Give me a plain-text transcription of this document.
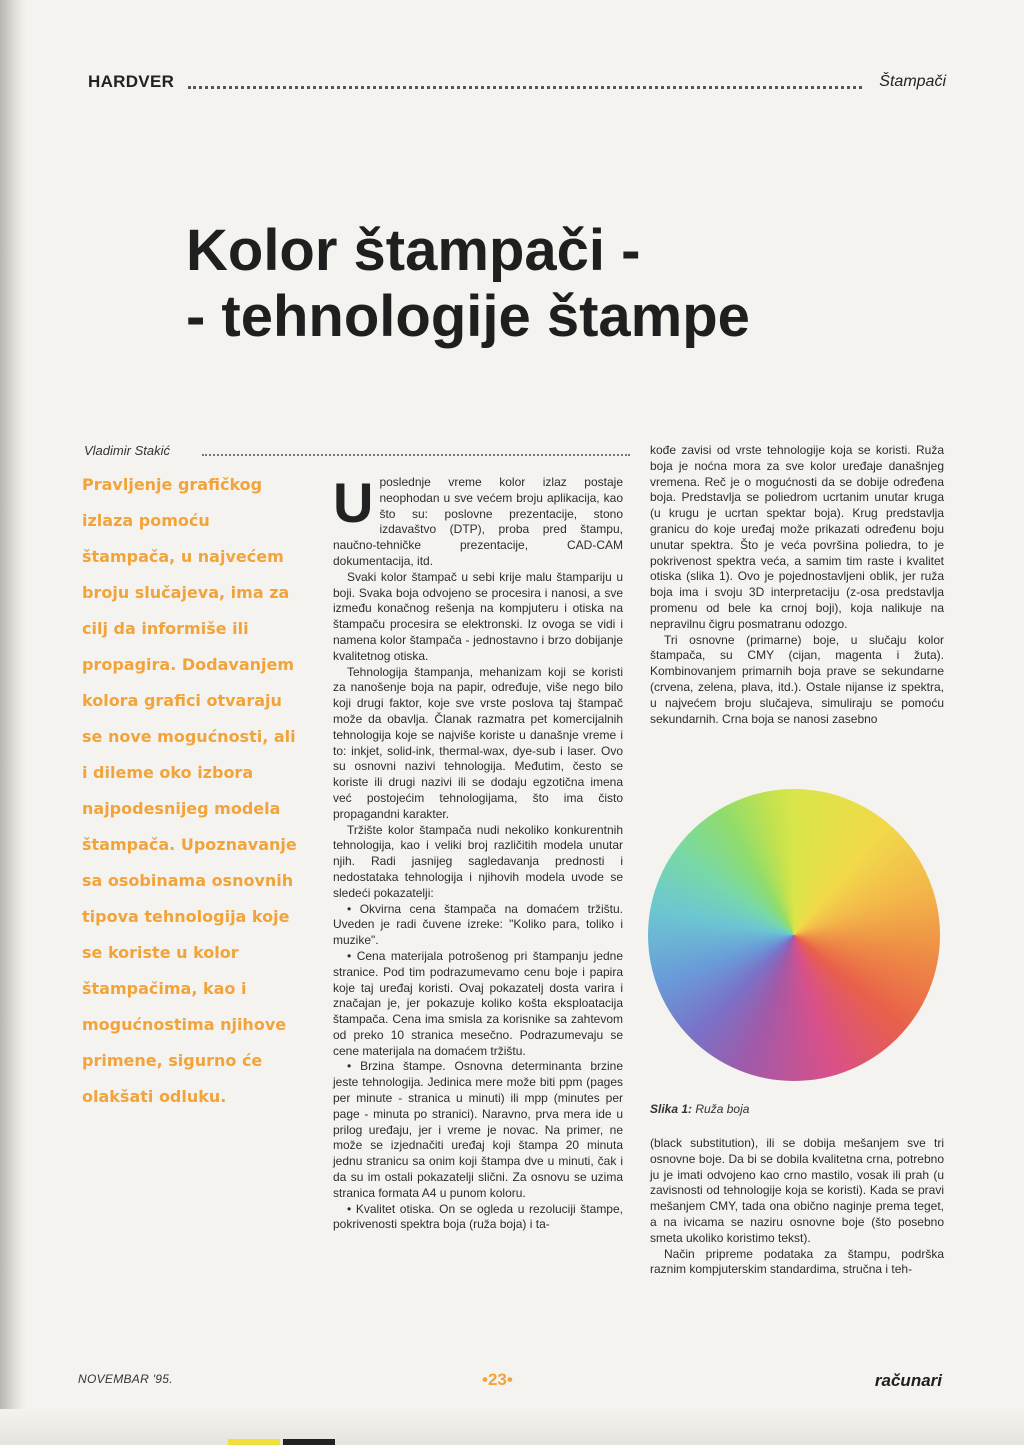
HARDVER	Štampači
Kolor štampači -
- tehnologije štampe
Vladimir Stakić

Pravljenje grafičkog izlaza pomoću štampača, u najvećem broju slučajeva, ima za cilj da informiše ili propagira. Dodavanjem kolora grafici otvaraju se nove mogućnosti, ali i dileme oko izbora najpodesnijeg modela štampača. Upoznavanje sa osobinama osnovnih tipova tehnologija koje se koriste u kolor štampačima, kao i mogućnostima njihove primene, sigurno će olakšati odluku.

Uposlednje vreme kolor izlaz postaje neophodan u sve većem broju aplikacija, kao što su: poslovne prezentacije, stono izdavaštvo (DTP), proba pred štampu, naučno-tehničke prezentacije, CAD-CAM dokumentacija, itd.

Svaki kolor štampač u sebi krije malu štampariju u boji. Svaka boja odvojeno se procesira i nanosi, a sve između konačnog rešenja na kompjuteru i otiska na štampaču procesira se elektronski. Iz ovoga se vidi i namena kolor štampača - jednostavno i brzo dobijanje kvalitetnog otiska.

Tehnologija štampanja, mehanizam koji se koristi za nanošenje boja na papir, određuje, više nego bilo koji drugi faktor, koje sve vrste poslova taj štampač može da obavlja. Članak razmatra pet komercijalnih tehnologija koje se najviše koriste u današnje vreme i to: inkjet, solid-ink, thermal-wax, dye-sub i laser. Ovo su osnovni nazivi tehnologija. Međutim, često se koriste ili drugi nazivi ili se dodaju egzotična imena već postojećim tehnologijama, što ima čisto propagandni karakter.

Tržište kolor štampača nudi nekoliko konkurentnih tehnologija, kao i veliki broj različitih modela unutar njih. Radi jasnijeg sagledavanja prednosti i nedostataka tehnologija i njihovih modela uvode se sledeći pokazatelji:

• Okvirna cena štampača na domaćem tržištu. Uveden je radi čuvene izreke: "Koliko para, toliko i muzike".

• Cena materijala potrošenog pri štampanju jedne stranice. Pod tim podrazumevamo cenu boje i papira koje taj uređaj koristi. Ovaj pokazatelj dosta varira i značajan je, jer pokazuje koliko košta eksploatacija štampača. Cena ima smisla za korisnike sa zahtevom od preko 10 stranica mesečno. Podrazumevaju se cene materijala na domaćem tržištu.

• Brzina štampe. Osnovna determinanta brzine jeste tehnologija. Jedinica mere može biti ppm (pages per minute - stranica u minuti) ili mpp (minutes per page - minuta po stranici). Naravno, prva mera ide u prilog uređaju, jer i vreme je novac. Na primer, ne može se izjednačiti uređaj koji štampa 20 minuta jednu stranicu sa onim koji štampa dve u minuti, čak i da su im ostali pokazatelji slični. Za osnovu se uzima stranica formata A4 u punom koloru.

• Kvalitet otiska. On se ogleda u rezoluciji štampe, pokrivenosti spektra boja (ruža boja) i ta-

kođe zavisi od vrste tehnologije koja se koristi. Ruža boja je noćna mora za sve kolor uređaje današnjeg vremena. Reč je o mogućnosti da se dobije određena boja. Predstavlja se poliedrom ucrtanim unutar kruga (u krugu je ucrtan spektar boja). Krug predstavlja granicu do koje uređaj može prikazati određenu boju unutar spektra. Što je veća površina poliedra, to je pokrivenost spektra veća, a samim tim raste i kvalitet otiska (slika 1). Ovo je pojednostavljeni oblik, jer ruža boja ima i svoju 3D interpretaciju (z-osa predstavlja promenu od bele ka crnoj boji), koja nalikuje na nepravilnu čigru posmatranu odozgo.

Tri osnovne (primarne) boje, u slučaju kolor štampača, su CMY (cijan, magenta i žuta). Kombinovanjem primarnih boja prave se sekundarne (crvena, zelena, plava, itd.). Ostale nijanse iz spektra, u najvećem broju slučajeva, simuliraju se pomoću sekundarnih. Crna boja se nanosi zasebno

Slika 1: Ruža boja

(black substitution), ili se dobija mešanjem sve tri osnovne boje. Da bi se dobila kvalitetna crna, potrebno ju je imati odvojeno kao crno mastilo, vosak ili prah (u zavisnosti od tehnologije koja se koristi). Kada se pravi mešanjem CMY, tada ona obično naginje prema teget, a na ivicama se naziru osnovne boje (što posebno smeta ukoliko koristimo tekst).

Način pripreme podataka za štampu, podrška raznim kompjuterskim standardima, stručna i teh-

NOVEMBAR '95.	•23•	računari
